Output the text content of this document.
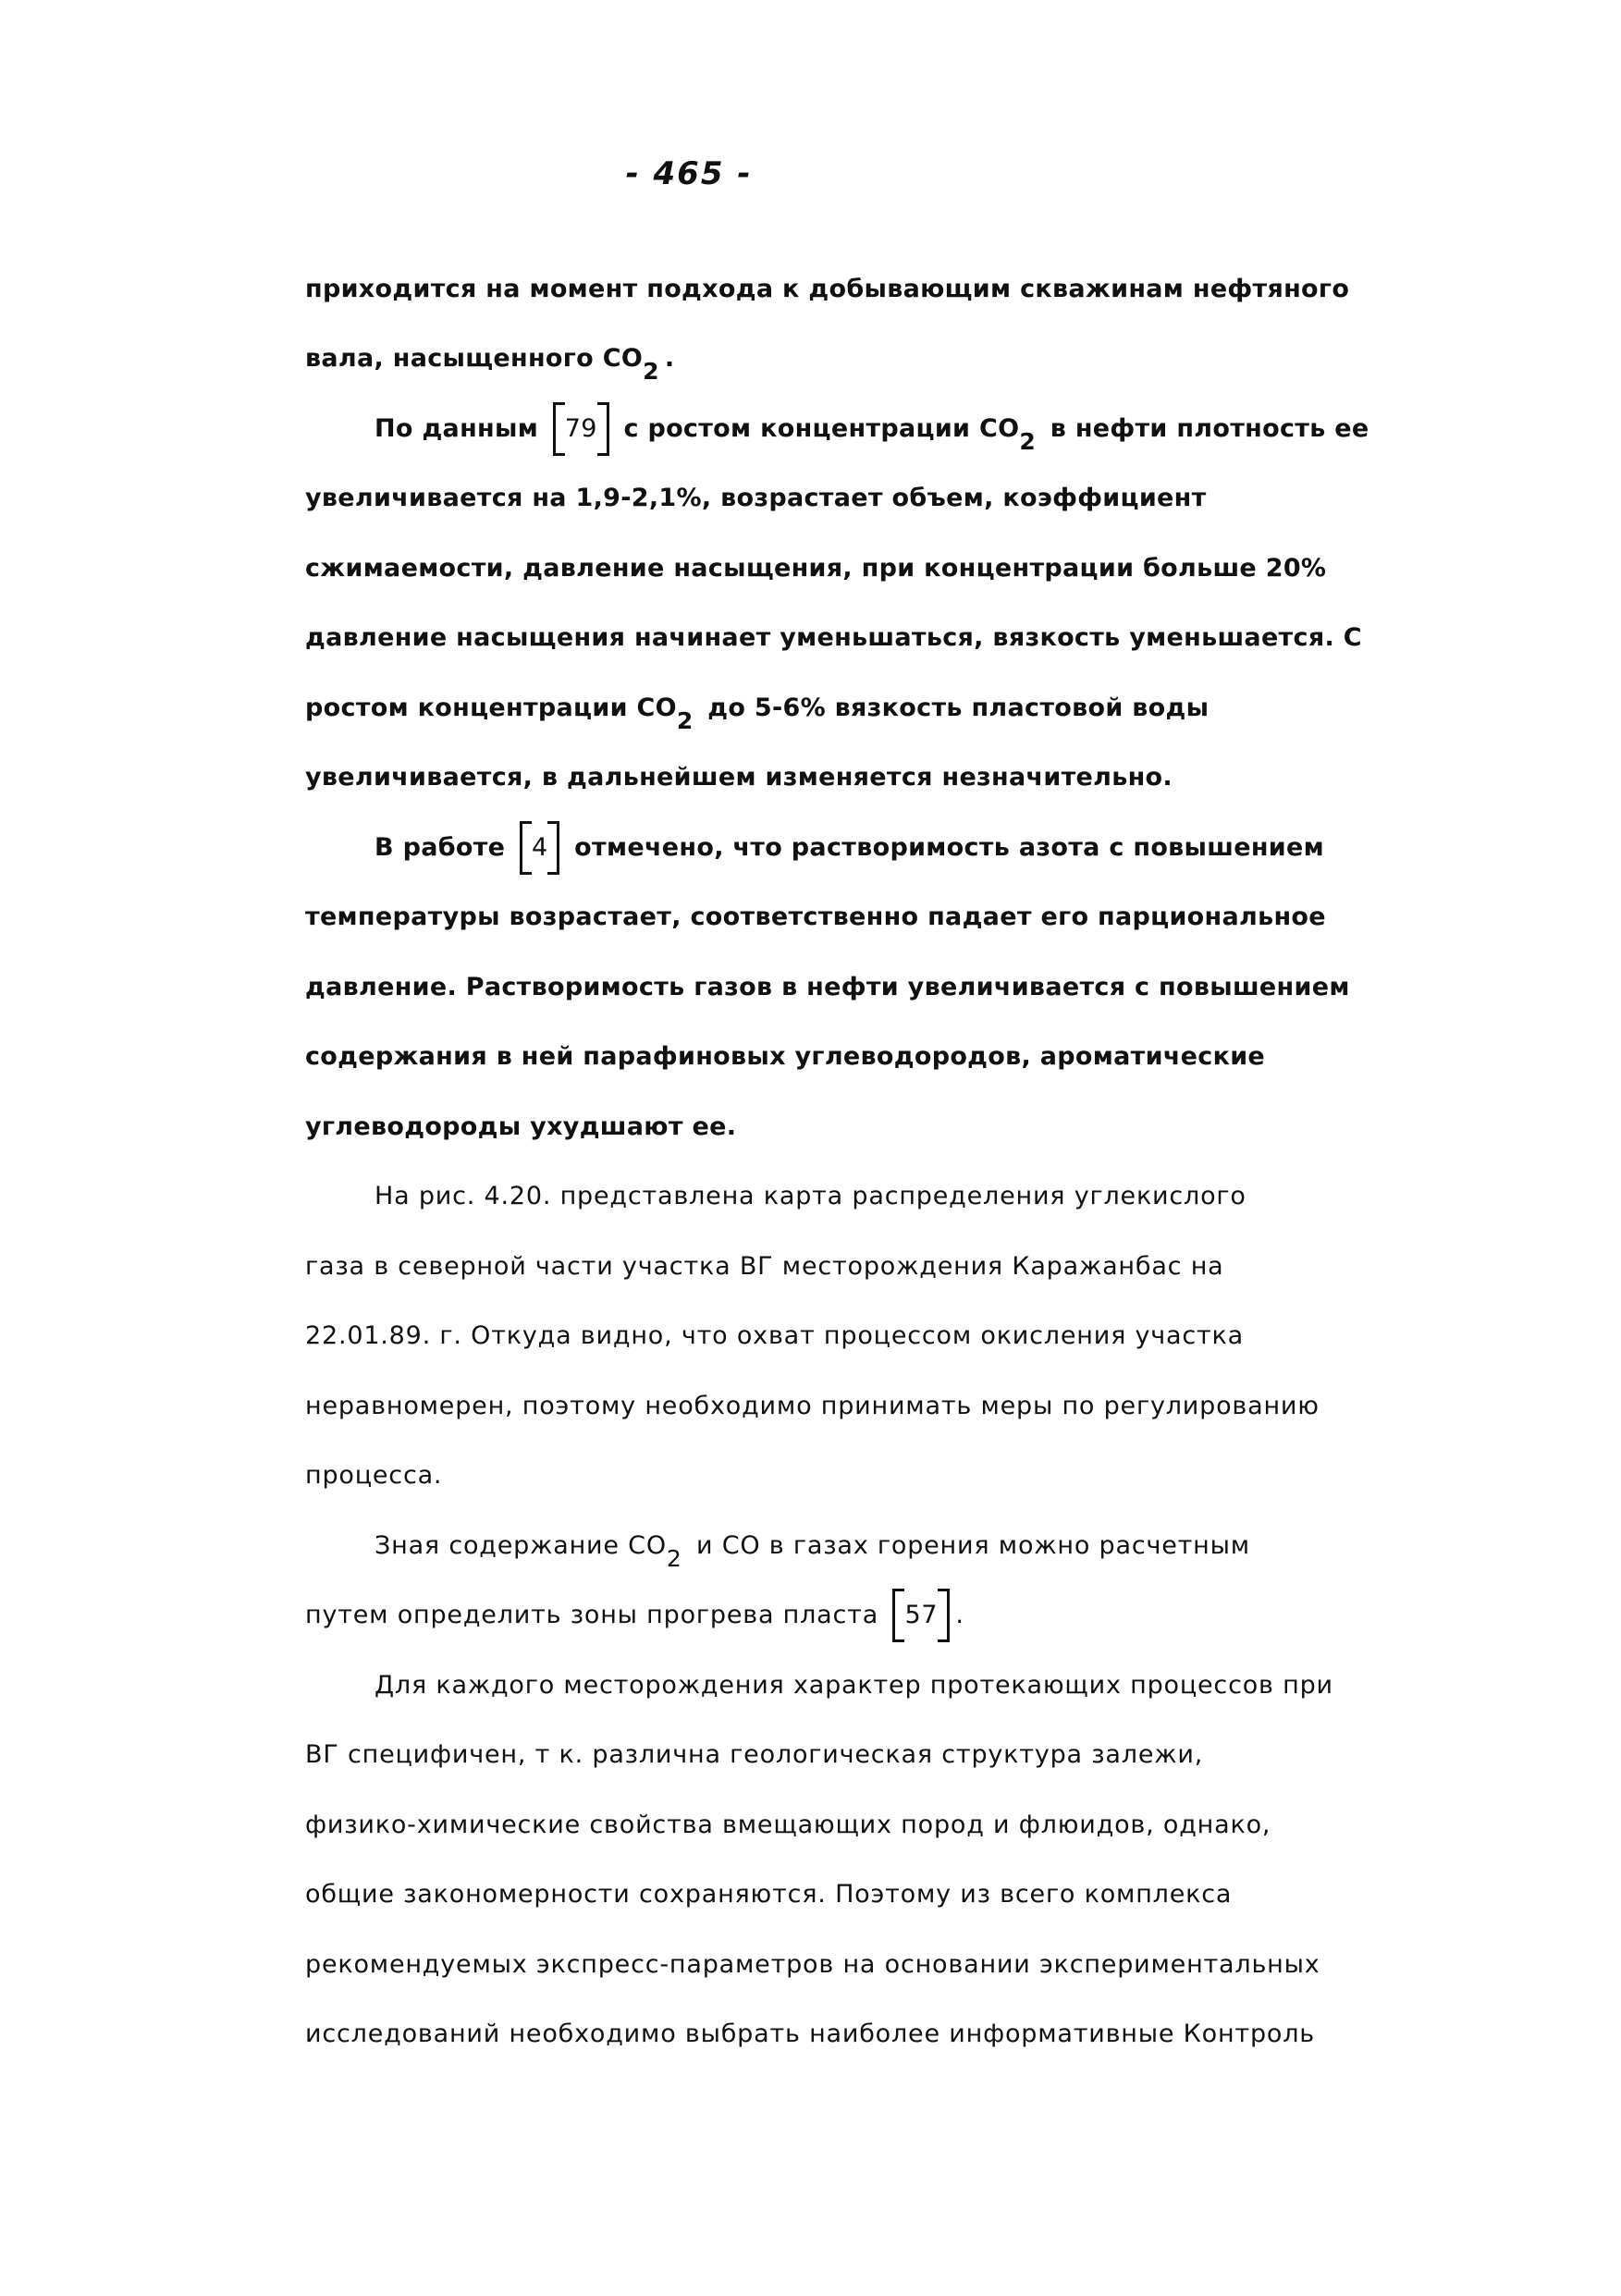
- 465 -
приходится на момент подхода к добывающим скважинам нефтяного
вала, насыщенного CO 2 .
По данным 79 с ростом концентрации CO 2 в нефти плотность ее
увеличивается на 1,9-2,1%, возрастает объем, коэффициент
сжимаемости, давление насыщения, при концентрации больше 20%
давление насыщения начинает уменьшаться, вязкость уменьшается. С
ростом концентрации CO 2 до 5-6% вязкость пластовой воды
увеличивается, в дальнейшем изменяется незначительно.
В работе 4 отмечено, что растворимость азота с повышением
температуры возрастает, соответственно падает его парциональное
давление. Растворимость газов в нефти увеличивается с повышением
содержания в ней парафиновых углеводородов, ароматические
углеводороды ухудшают ее.
На рис. 4.20. представлена карта распределения углекислого
газа в северной части участка ВГ месторождения Каражанбас на
22.01.89. г. Откуда видно, что охват процессом окисления участка
неравномерен, поэтому необходимо принимать меры по регулированию
процесса.
Зная содержание CO 2 и CO в газах горения можно расчетным
путем определить зоны прогрева пласта 57 .
Для каждого месторождения характер протекающих процессов при
ВГ специфичен, т к. различна геологическая структура залежи,
физико-химические свойства вмещающих пород и флюидов, однако,
общие закономерности сохраняются. Поэтому из всего комплекса
рекомендуемых экспресс-параметров на основании экспериментальных
исследований необходимо выбрать наиболее информативные Контроль
